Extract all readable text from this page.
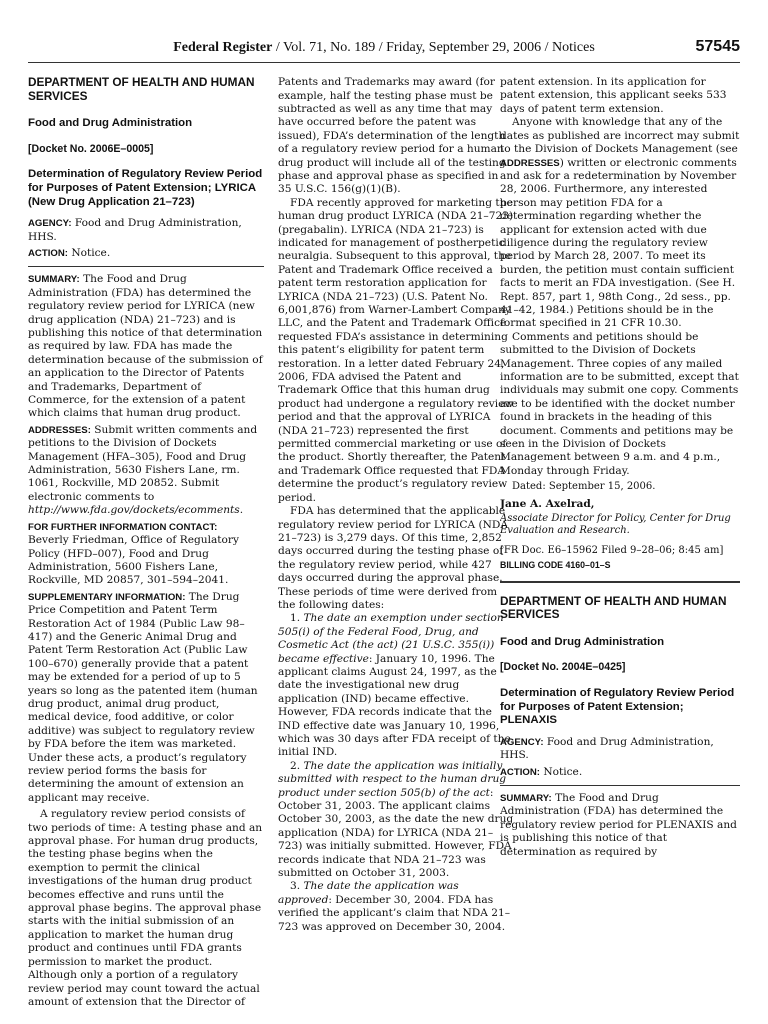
Federal Register / Vol. 71, No. 189 / Friday, September 29, 2006 / Notices	57545

DEPARTMENT OF HEALTH AND HUMAN SERVICES

Food and Drug Administration

[Docket No. 2006E–0005]

Determination of Regulatory Review Period for Purposes of Patent Extension; LYRICA (New Drug Application 21–723)

AGENCY: Food and Drug Administration, HHS.

ACTION: Notice.

SUMMARY: The Food and Drug Administration (FDA) has determined the regulatory review period for LYRICA (new drug application (NDA) 21–723) and is publishing this notice of that determination as required by law. FDA has made the determination because of the submission of an application to the Director of Patents and Trademarks, Department of Commerce, for the extension of a patent which claims that human drug product.

ADDRESSES: Submit written comments and petitions to the Division of Dockets Management (HFA–305), Food and Drug Administration, 5630 Fishers Lane, rm. 1061, Rockville, MD 20852. Submit electronic comments to http://www.fda.gov/dockets/ecomments.

FOR FURTHER INFORMATION CONTACT:
Beverly Friedman, Office of Regulatory Policy (HFD–007), Food and Drug Administration, 5600 Fishers Lane, Rockville, MD 20857, 301–594–2041.

SUPPLEMENTARY INFORMATION: The Drug Price Competition and Patent Term Restoration Act of 1984 (Public Law 98–417) and the Generic Animal Drug and Patent Term Restoration Act (Public Law 100–670) generally provide that a patent may be extended for a period of up to 5 years so long as the patented item (human drug product, animal drug product, medical device, food additive, or color additive) was subject to regulatory review by FDA before the item was marketed. Under these acts, a product’s regulatory review period forms the basis for determining the amount of extension an applicant may receive.

A regulatory review period consists of two periods of time: A testing phase and an approval phase. For human drug products, the testing phase begins when the exemption to permit the clinical investigations of the human drug product becomes effective and runs until the approval phase begins. The approval phase starts with the initial submission of an application to market the human drug product and continues until FDA grants permission to market the product. Although only a portion of a regulatory review period may count toward the actual amount of extension that the Director of

Patents and Trademarks may award (for example, half the testing phase must be subtracted as well as any time that may have occurred before the patent was issued), FDA’s determination of the length of a regulatory review period for a human drug product will include all of the testing phase and approval phase as specified in 35 U.S.C. 156(g)(1)(B).

FDA recently approved for marketing the human drug product LYRICA (NDA 21–723) (pregabalin). LYRICA (NDA 21–723) is indicated for management of postherpetic neuralgia. Subsequent to this approval, the Patent and Trademark Office received a patent term restoration application for LYRICA (NDA 21–723) (U.S. Patent No. 6,001,876) from Warner-Lambert Company LLC, and the Patent and Trademark Office requested FDA’s assistance in determining this patent’s eligibility for patent term restoration. In a letter dated February 24, 2006, FDA advised the Patent and Trademark Office that this human drug product had undergone a regulatory review period and that the approval of LYRICA (NDA 21–723) represented the first permitted commercial marketing or use of the product. Shortly thereafter, the Patent and Trademark Office requested that FDA determine the product’s regulatory review period.

FDA has determined that the applicable regulatory review period for LYRICA (NDA 21–723) is 3,279 days. Of this time, 2,852 days occurred during the testing phase of the regulatory review period, while 427 days occurred during the approval phase. These periods of time were derived from the following dates:

1. The date an exemption under section 505(i) of the Federal Food, Drug, and Cosmetic Act (the act) (21 U.S.C. 355(i)) became effective: January 10, 1996. The applicant claims August 24, 1997, as the date the investigational new drug application (IND) became effective. However, FDA records indicate that the IND effective date was January 10, 1996, which was 30 days after FDA receipt of the initial IND.

2. The date the application was initially submitted with respect to the human drug product under section 505(b) of the act: October 31, 2003. The applicant claims October 30, 2003, as the date the new drug application (NDA) for LYRICA (NDA 21–723) was initially submitted. However, FDA records indicate that NDA 21–723 was submitted on October 31, 2003.

3. The date the application was approved: December 30, 2004. FDA has verified the applicant’s claim that NDA 21–723 was approved on December 30, 2004.

patent extension. In its application for patent extension, this applicant seeks 533 days of patent term extension.

Anyone with knowledge that any of the dates as published are incorrect may submit to the Division of Dockets Management (see ADDRESSES) written or electronic comments and ask for a redetermination by November 28, 2006. Furthermore, any interested person may petition FDA for a determination regarding whether the applicant for extension acted with due diligence during the regulatory review period by March 28, 2007. To meet its burden, the petition must contain sufficient facts to merit an FDA investigation. (See H. Rept. 857, part 1, 98th Cong., 2d sess., pp. 41–42, 1984.) Petitions should be in the format specified in 21 CFR 10.30.

Comments and petitions should be submitted to the Division of Dockets Management. Three copies of any mailed information are to be submitted, except that individuals may submit one copy. Comments are to be identified with the docket number found in brackets in the heading of this document. Comments and petitions may be seen in the Division of Dockets Management between 9 a.m. and 4 p.m., Monday through Friday.

Dated: September 15, 2006.

Jane A. Axelrad,

Associate Director for Policy, Center for Drug Evaluation and Research.

[FR Doc. E6–15962 Filed 9–28–06; 8:45 am]

BILLING CODE 4160–01–S

DEPARTMENT OF HEALTH AND HUMAN SERVICES

Food and Drug Administration

[Docket No. 2004E–0425]

Determination of Regulatory Review Period for Purposes of Patent Extension; PLENAXIS

AGENCY: Food and Drug Administration, HHS.

ACTION: Notice.

SUMMARY: The Food and Drug Administration (FDA) has determined the regulatory review period for PLENAXIS and is publishing this notice of that determination as required by
